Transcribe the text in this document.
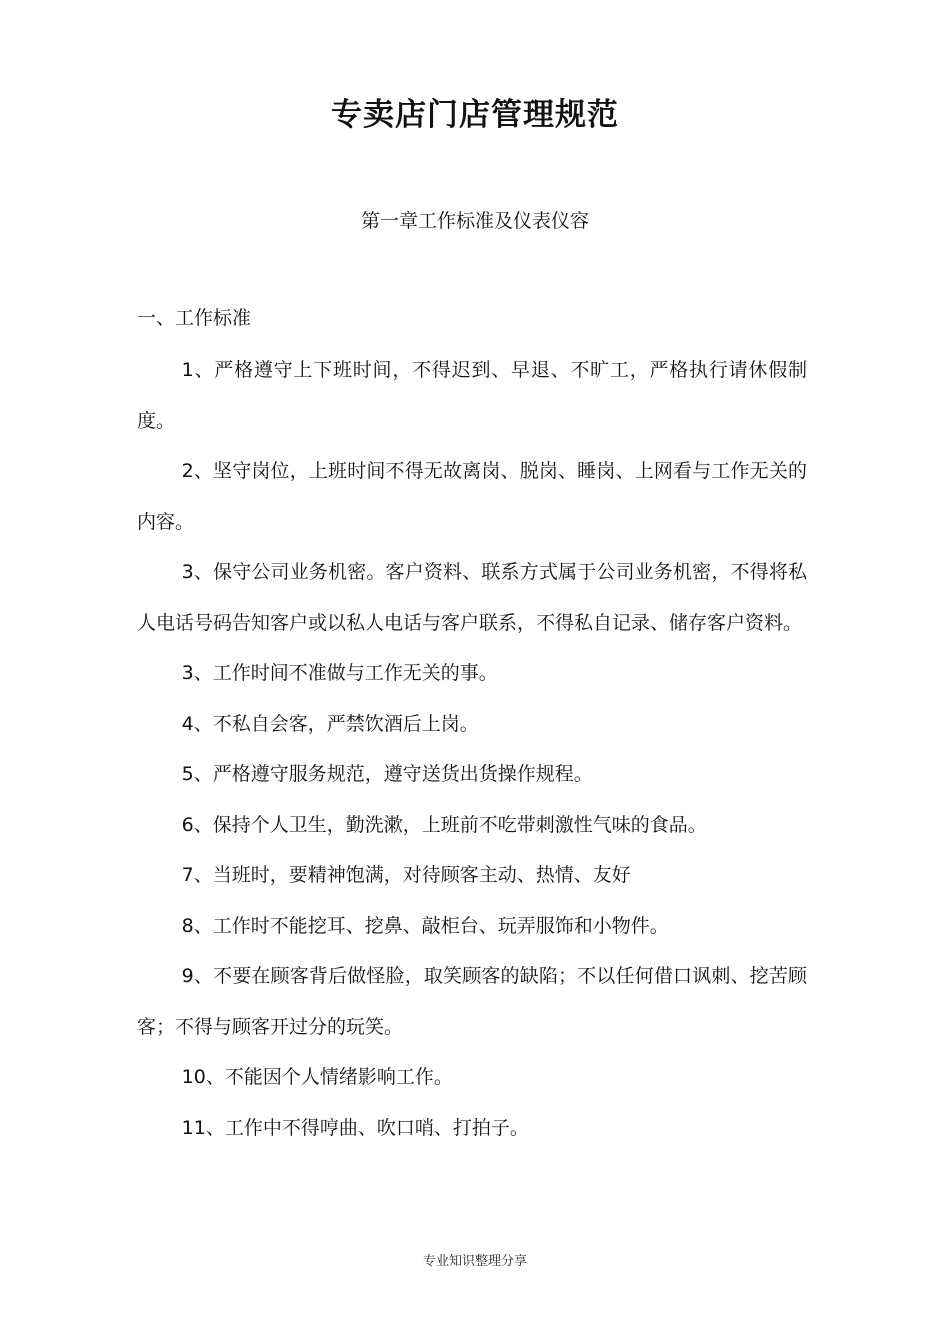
专卖店门店管理规范
第一章工作标准及仪表仪容
一、工作标准

1、严格遵守上下班时间，不得迟到、早退、不旷工，严格执行请休假制度。

2、坚守岗位，上班时间不得无故离岗、脱岗、睡岗、上网看与工作无关的内容。

3、保守公司业务机密。客户资料、联系方式属于公司业务机密，不得将私人电话号码告知客户或以私人电话与客户联系，不得私自记录、储存客户资料。

3、工作时间不准做与工作无关的事。

4、不私自会客，严禁饮酒后上岗。

5、严格遵守服务规范，遵守送货出货操作规程。

6、保持个人卫生，勤洗漱，上班前不吃带刺激性气味的食品。

7、当班时，要精神饱满，对待顾客主动、热情、友好

8、工作时不能挖耳、挖鼻、敲柜台、玩弄服饰和小物件。

9、不要在顾客背后做怪脸，取笑顾客的缺陷；不以任何借口讽刺、挖苦顾客；不得与顾客开过分的玩笑。

10、不能因个人情绪影响工作。

11、工作中不得哼曲、吹口哨、打拍子。

专业知识整理分享
